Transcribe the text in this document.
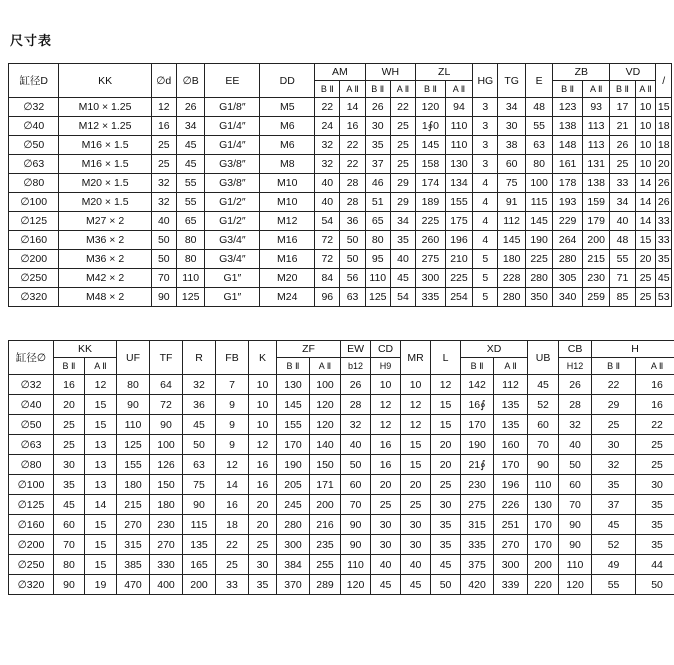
尺寸表
缸径D	KK	∅d	∅B	EE	DD	AM		WH		ZL		HG	TG	E	ZB		VD		/
						B Ⅱ	A Ⅱ	B Ⅱ	A Ⅱ	B Ⅱ	A Ⅱ				B Ⅱ	A Ⅱ	B Ⅱ	A Ⅱ	
∅32	M10 × 1.25	12	26	G1/8″	M5	22	14	26	22	120	94	3	34	48	123	93	17	10	15
∅40	M12 × 1.25	16	34	G1/4″	M6	24	16	30	25	1∮0	110	3	30	55	138	113	21	10	18
∅50	M16 × 1.5	25	45	G1/4″	M6	32	22	35	25	145	110	3	38	63	148	113	26	10	18
∅63	M16 × 1.5	25	45	G3/8″	M8	32	22	37	25	158	130	3	60	80	161	131	25	10	20
∅80	M20 × 1.5	32	55	G3/8″	M10	40	28	46	29	174	134	4	75	100	178	138	33	14	26
∅100	M20 × 1.5	32	55	G1/2″	M10	40	28	51	29	189	155	4	91	115	193	159	34	14	26
∅125	M27 × 2	40	65	G1/2″	M12	54	36	65	34	225	175	4	112	145	229	179	40	14	33
∅160	M36 × 2	50	80	G3/4″	M16	72	50	80	35	260	196	4	145	190	264	200	48	15	33
∅200	M36 × 2	50	80	G3/4″	M16	72	50	95	40	275	210	5	180	225	280	215	55	20	35
∅250	M42 × 2	70	110	G1″	M20	84	56	110	45	300	225	5	228	280	305	230	71	25	45
∅320	M48 × 2	90	125	G1″	M24	96	63	125	54	335	254	5	280	350	340	259	85	25	53
缸径∅	KK		UF	TF	R	FB	K	ZF		EW	CD	MR	L	XD		UB	CB	H	
	B Ⅱ	A Ⅱ						B Ⅱ	A Ⅱ	b12	H9			B Ⅱ	A Ⅱ		H12	B Ⅱ	A Ⅱ
∅32	16	12	80	64	32	7	10	130	100	26	10	10	12	142	112	45	26	22	16
∅40	20	15	90	72	36	9	10	145	120	28	12	12	15	16∮	135	52	28	29	16
∅50	25	15	110	90	45	9	10	155	120	32	12	12	15	170	135	60	32	25	22
∅63	25	13	125	100	50	9	12	170	140	40	16	15	20	190	160	70	40	30	25
∅80	30	13	155	126	63	12	16	190	150	50	16	15	20	21∮	170	90	50	32	25
∅100	35	13	180	150	75	14	16	205	171	60	20	20	25	230	196	110	60	35	30
∅125	45	14	215	180	90	16	20	245	200	70	25	25	30	275	226	130	70	37	35
∅160	60	15	270	230	115	18	20	280	216	90	30	30	35	315	251	170	90	45	35
∅200	70	15	315	270	135	22	25	300	235	90	30	30	35	335	270	170	90	52	35
∅250	80	15	385	330	165	25	30	384	255	110	40	40	45	375	300	200	110	49	44
∅320	90	19	470	400	200	33	35	370	289	120	45	45	50	420	339	220	120	55	50
